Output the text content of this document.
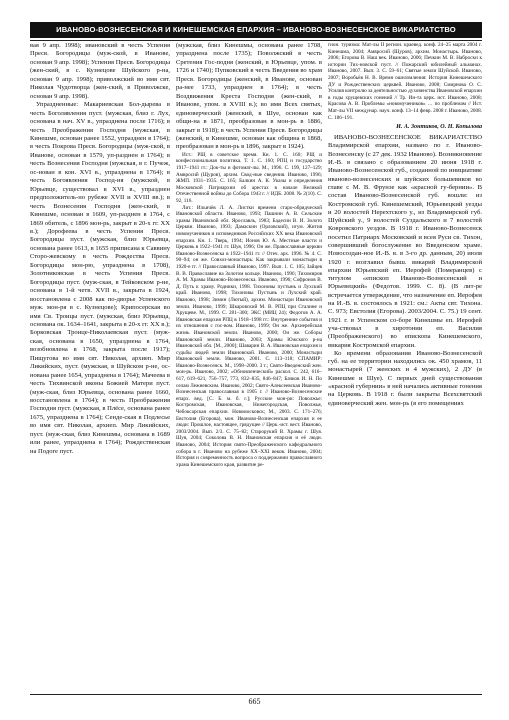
ИВАНОВО-ВОЗНЕСЕНСКАЯ И КИНЕШЕМСКАЯ ЕПАРХИЯ – ИВАНОВО-ВОЗНЕСЕНСКОЕ ВИКАРИАТСТВО

вая 9 апр. 1998); ивановский в честь Успения Пресв. Богородицы (муж-ской, в Иванове, основан 9 апр. 1998); Успения Пресв. Богородицы (жен-ский, в с. Кузнецове Шуйского р-на, основан 9 апр. 1998); приволжский во имя свт. Николая Чудотворца (жен-ский, в Приволжске, основан 9 апр. 1998).

Упраздненные: Макариевская Бол-дырева в честь Боголявления пуст. (мужская, близ г. Лух, основана в нач. XV в., упразднена после 1716); в честь Преображения Господня (мужская, в Кинешме, основан ранее 1552, упразднен в 1764); в честь Покрова Пресв. Богородицы (муж-ской, в Иванове, основан в 1579, уп-разднен в 1764); в честь Вознесения Господня (мужская, в г. Пучеж, ос-нован в кон. XVI в., упразднена в 1764); в честь Богоявления Господ-ня (мужской, в Юрьевце, существовал в XVI в., упразднен предположитель-но рубеже XVII и XVIII вв.); в честь Вознесения Господня (жен-ский, в Кинешме, основан в 1609, уп-разднен в 1764, с 1869 обитель, с 1896 мон-рь, закрыт в 20-х гг. XX в.); Дорофеева в честь Успения Пресв. Богородицы пуст. (мужская, близ Юрьевца, основана ранее 1613, в 1655 приписана к Саввину Сторо-жевскому в честь Рождества Пресв. Богородицы мон-рю, упразднена в 1708), Золотниковская в честь Успения Пресв. Богородицы пуст. (муж-ская, в Тейковском р-не, основана в 1-й четв. XVII в., закрыта в 1924, восстановлена с 2008 как по-дворье Успенского муж. мон-ря в с. Кузнецове); Крипосерская во имя Св. Троицы пуст. (мужская, близ Юрьевца, основана ок. 1634–1641, закрыта в 20-х гг. XX в.); Борковская Троице-Николаевская пуст. (муж-ская, основана в 1650, упразднена в 1764, возобновлена в 1768, закрыта после 1917); Пищугова во имя свт. Николая, архиеп. Мир Ликийских, пуст. (мужская, в Шуйском р-не, ос-нована ранее 1654, упразднена в 1764); Мачеева в честь Тихвинской иконы Божией Матери пуст. (муж-ская, близ Юрьевца, основана ранее 1660, восстановлена в 1764); в честь Преображения Господня пуст. (мужская, в Плёсе, основана ранее 1675, упразднена в 1764); Сенде-ская в Подлесье во имя свт. Николая, архиеп. Мир Ликийских, пуст. (муж-ская, близ Кинешмы, основана в 1689 или ранее, упразднена в 1764); Рождественская на Подоге пуст.

(мужская, близ Кинешмы, основана ранее 1708, упразднена после 1735); Поволжский в честь Сретения Гос-подня (женский, в Юрьевце, упом. в 1726 и 1740); Пупковский в честь Введения во храм Пресв. Богородицы (женский, в Иванове, основан ра-нее 1733, упразднен в 1764); в честь Воздвижения Креста Господня (жен-ский, в Иванове, упом. в XVIII в.); во имя Всех святых, единоверческий (женский, в Шуе, основан как общи-на в 1871, преобразован в мон-рь в 1886, закрыт в 1918); в честь Успения Пресв. Богородицы (женский, в Кинешме, основан как община в 1868, преобразован в мон-рь в 1896, закрыт в 1924).

Ист.: РЩ в советское время. Кн. 1. С. 160; РЩ и конфессиональная политика. Т. 1. С. 160; РПЦ и государство 1917–1941 гг.: Док-ты и фотомат-лы. М., 1996. С. 199, 127–129; Амвросий (Щуров), архим. Свод-ные сведения. Иваново, 1996; ЖМП. 1931–1935. С. 165; Балкин А. К. Указы и определения Московской Патриархии об арестах в начале Великой Отечественной войны до Собора 1943 г. // ИДБ. 2008. № 2(10). С. 92, 116.

Лит.: Ильичёв Л. А. Листки времени старо-обрядческой Ивановской области. Иваново, 1993; Пашнин А. В. Сельские храмы Ивановской обл. Ярославль, 1983; Бадесин В. И. Золото Церкви. Иваново, 1993; Дамаскин (Орловский), игум. Жития новомучеников и исповедников Российских ХХ века Ивановской епархии. Кн. 1. Тверь, 1994; Ионов Ю. А. Местные власти и Церковь в 1922–1941 гг. Шуя, 1996; Он же. Православные церкви Иваново-Вознесенска в 1922–1941 гг. // Отеч. арх. 1996. № 4. С. 90–94; он же. Совхоз-монастырь: Как закрывали монастыри в 1920-е гг. // Православный Иваново, 1997. Вып. 1. С. 105; Зайцев В. В. Православие на Золотом кольце. Иваново, 1996; Тихомиров А. М. Храмы Иваново-Вознесенска. Иваново, 1996; Софронов В. Д. Путь к храму. Родники, 1998. Тихоновы пустынь и Лухский край. Иваново, 1998; Тихоновы Пустынь и Лухский край. Иваново, 1998; Зимин (Лютый), архим. Монастыри Ивановской земли. Иваново, 1999; Шкаровский М. В. РПЦ при Сталине и Хрущеве. М., 1999. С. 281–300; ЭКС (МИЦ 24); Федотов А. А. Ивановская епархия РПЦ в 1918–1998 гг.: Внутренние события и их отношения с гос-вом. Иваново, 1999; Он же. Архиерейская жизнь Ивановской земли. Иваново, 2000; Он же. Соборы Ивановской земли. Иваново, 2003; Храмы Южского р-на Ивановской обл. [М., 2000]; Шаварин В. А. Ивановская епархия и судьбы людей земли Ивановской. Иваново, 2000; Монастыри Ивановской земли. Иваново, 2001. С. 113–118; СПАМИР: Иваново-Вознесенск. М., 1998–2000. 3 т.; Свято-Введенский жен. мон-рь. Иваново, 2002; «Обновленческий» раскол. С. 242, 616–617, 619–621, 756–757, 773, 832–835, 846–847; Бачков И. Н. По селам Лежневским. Иваново, 2002; Свято-Алексеевская Иваново-Вознесенская православная в 1905 г. // Иваново-Вознесенские епарх. вед. [С. Б. м. б. г.]; Русские мон-ри: Поволжье: Костромская, Ивановская, Нижегородская, Поволжья, Чебоксарская епархии. Новомосковск; М., 2003. С. 171–276; Евстолия (Егорова), мон. Иваново-Вознесенская епархия и ее люди: Прошлое, настоящее, грядущее // Церк.-ист. вест. Иваново, 2003/2004. Вып. 2/3. С. 75–82; Старорукий В. Храмы г. Шуя. Шуя, 2004; Соколова В. Н. Ивановская епархия и её люди. Иваново, 2004; История свято-Преображенского кафедрального собора в г. Иваново на рубеже XX–XXI веков. Иваново, 2004; История и современность вопроса о поддержании православного храма Кинешемского края, развитие ре-

гион. туризма: Мат-лы II регион. краевед. конф. 24–25 марта 2004 г. Кинешма, 2004; Амвросий (Щуров), архим. Монастырь. Иваново, 2006; Егорова В. Наш век. Иваново, 2006; Печкин М. В. Наброски к истории Тих-новской пуст. // Пожарский юбилейный альманах. Иваново, 2007. Вып. 3. С. 59–61; Святые земли Шуйской. Иваново, 2007; Воробьёв Н. В. Время ошеломления: История Кинешемского ДУ и Рождественских церквей. Иваново, 2008; Смирнова О. С. Усилия контролю за деятельностью духовенства Ивановской епархии в годы хрущевских гонений // Тр. Ин-та церк. ист. Иваново, 2008; Красова А. В. Проблемы «новомучеников» … по проблемам // Ист. Мат-лы VII междунар. науч. конф. 13–14 февр. 2008 г. Иваново, 2008. С. 186–191.

И. А. Зонтиков, О. Н. Копылова

ИВАНОВО-ВОЗНЕСЕНСКОЕ ВИКАРИАТСТВО Владимирской епархии, названо по г. Иваново-Вознесенску (с 27 дек. 1932 Иваново). Возникновение И.-В. в связано с образованием 20 июня 1918 г. Иваново-Вознесенской губ., созданной по инициативе иваново-вознесенских и шуйских большевиков во главе с М. В. Фрунзе как «красной гу-бернии». В состав Иваново-Вознесенской губ. вошли: из Костромской губ. Кинешемский, Юрьевецкий уезды и 20 волостей Нерехтского у., из Владимирской губ. Шуйский у., 9 волостей Суздальского и 7 волостей Ковровского уездов. В 1918 г. Иваново-Вознесенск посетил Патриарх Московский и всея Руси св. Тихон, совершивший богослужение во Введенском храме. Новосоздан-ное И.-В. в. в 3-го др. данным, 20) июля 1920 г. возглавил бывш. викарий Владимирской епархии Юрьевский еп. Иерофей (Померанцев) с титулом «епископ Иваново-Вознесенский и Юрьевецкий» (Федотов. 1999. С. 8). (В лит-ре встречается утверждение, что назначение еп. Иерофея на И.-В. в. состоялось в 1921: см.: Акты свт. Тихона. С. 973; Евстолия (Егорова). 2003/2004. С. 75.) 19 сент. 1921 г. в Успенском со-боре Кинешмы еп. Иерофей уча-ствовал в хиротонии еп. Василия (Преображенского) во епископа Кинешемского, викария Костромской епархии.

Ко времени образования Иваново-Вознесенской губ. на ее территории находились ок. 450 храмов, 11 монастырей (7 женских и 4 мужских), 2 ДУ (в Кинешме и Шуе). С первых дней существования «красной губернии» в ней начались активные гонения на Церковь. В 1918 г. были закрыты Всехсвятский единоверческий жен. мон-рь (в его помещениях

665
